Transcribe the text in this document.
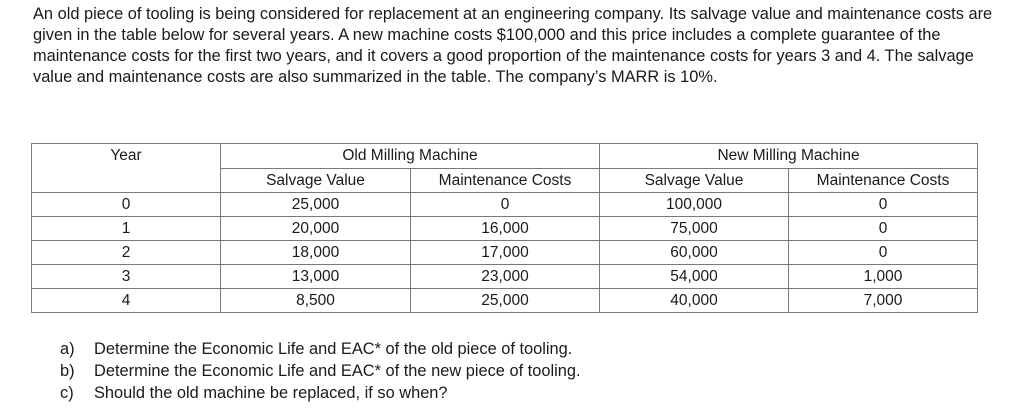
An old piece of tooling is being considered for replacement at an engineering company. Its salvage value and maintenance costs are given in the table below for several years. A new machine costs $100,000 and this price includes a complete guarantee of the maintenance costs for the first two years, and it covers a good proportion of the maintenance costs for years 3 and 4. The salvage value and maintenance costs are also summarized in the table. The company’s MARR is 10%.

Year	Old Milling Machine		New Milling Machine	
	Salvage Value	Maintenance Costs	Salvage Value	Maintenance Costs
0	25,000	0	100,000	0
1	20,000	16,000	75,000	0
2	18,000	17,000	60,000	0
3	13,000	23,000	54,000	1,000
4	8,500	25,000	40,000	7,000
a)	Determine the Economic Life and EAC* of the old piece of tooling.
b)	Determine the Economic Life and EAC* of the new piece of tooling.
c)	Should the old machine be replaced, if so when?
